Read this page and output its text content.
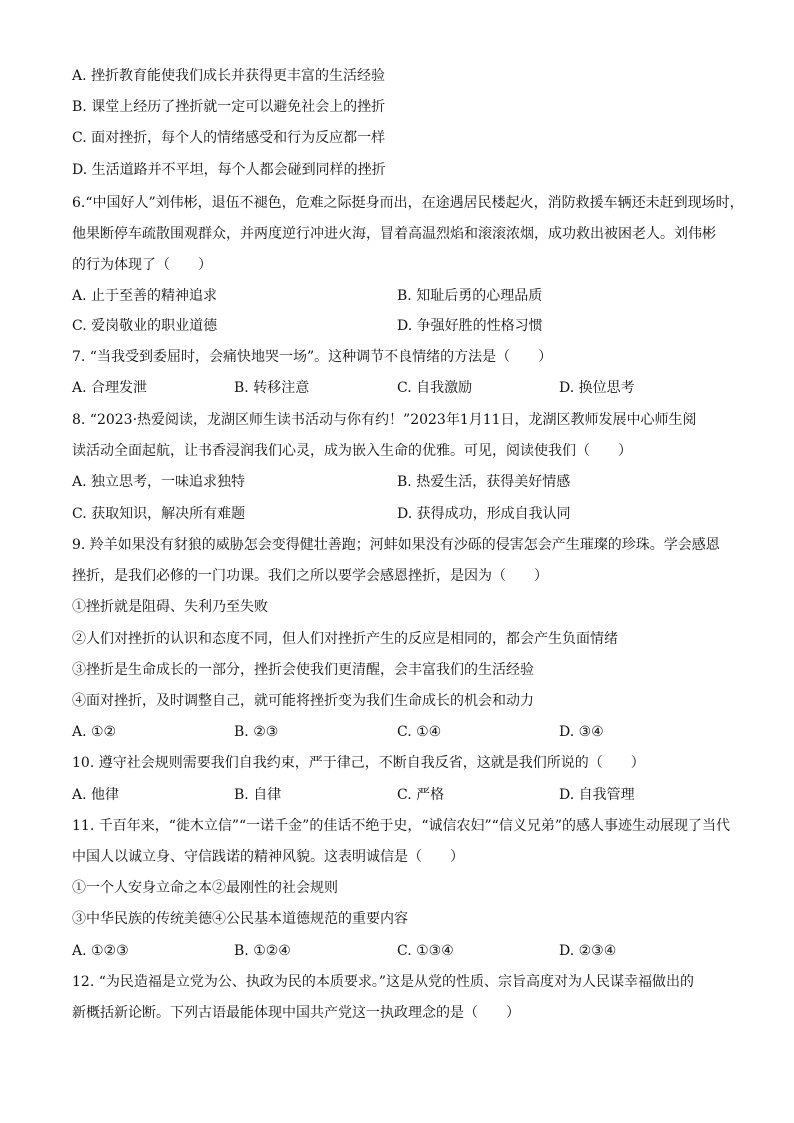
A. 挫折教育能使我们成长并获得更丰富的生活经验
B. 课堂上经历了挫折就一定可以避免社会上的挫折
C. 面对挫折，每个人的情绪感受和行为反应都一样
D. 生活道路并不平坦，每个人都会碰到同样的挫折
6.“中国好人”刘伟彬，退伍不褪色，危难之际挺身而出，在途遇居民楼起火，消防救援车辆还未赶到现场时，
他果断停车疏散围观群众，并两度逆行冲进火海，冒着高温烈焰和滚滚浓烟，成功救出被困老人。刘伟彬
的行为体现了（　　）
A. 止于至善的精神追求	B. 知耻后勇的心理品质
C. 爱岗敬业的职业道德	D. 争强好胜的性格习惯
7. “当我受到委屈时，会痛快地哭一场”。这种调节不良情绪的方法是（　　）
A. 合理发泄	B. 转移注意	C. 自我激励	D. 换位思考
8. “2023·热爱阅读，龙湖区师生读书活动与你有约！”2023年1月11日，龙湖区教师发展中心师生阅
读活动全面起航，让书香浸润我们心灵，成为嵌入生命的优雅。可见，阅读使我们（　　）
A. 独立思考，一味追求独特	B. 热爱生活，获得美好情感
C. 获取知识，解决所有难题	D. 获得成功，形成自我认同
9. 羚羊如果没有豺狼的威胁怎会变得健壮善跑；河蚌如果没有沙砾的侵害怎会产生璀璨的珍珠。学会感恩
挫折，是我们必修的一门功课。我们之所以要学会感恩挫折，是因为（　　）
①挫折就是阻碍、失利乃至失败
②人们对挫折的认识和态度不同，但人们对挫折产生的反应是相同的，都会产生负面情绪
③挫折是生命成长的一部分，挫折会使我们更清醒，会丰富我们的生活经验
④面对挫折，及时调整自己，就可能将挫折变为我们生命成长的机会和动力
A. ①②	B. ②③	C. ①④	D. ③④
10. 遵守社会规则需要我们自我约束，严于律己，不断自我反省，这就是我们所说的（　　）
A. 他律	B. 自律	C. 严格	D. 自我管理
11. 千百年来，“徙木立信”“一诺千金”的佳话不绝于史，“诚信农妇”“信义兄弟”的感人事迹生动展现了当代
中国人以诚立身、守信践诺的精神风貌。这表明诚信是（　　）
①一个人安身立命之本②最刚性的社会规则
③中华民族的传统美德④公民基本道德规范的重要内容
A. ①②③	B. ①②④	C. ①③④	D. ②③④
12. “为民造福是立党为公、执政为民的本质要求。”这是从党的性质、宗旨高度对为人民谋幸福做出的
新概括新论断。下列古语最能体现中国共产党这一执政理念的是（　　）
